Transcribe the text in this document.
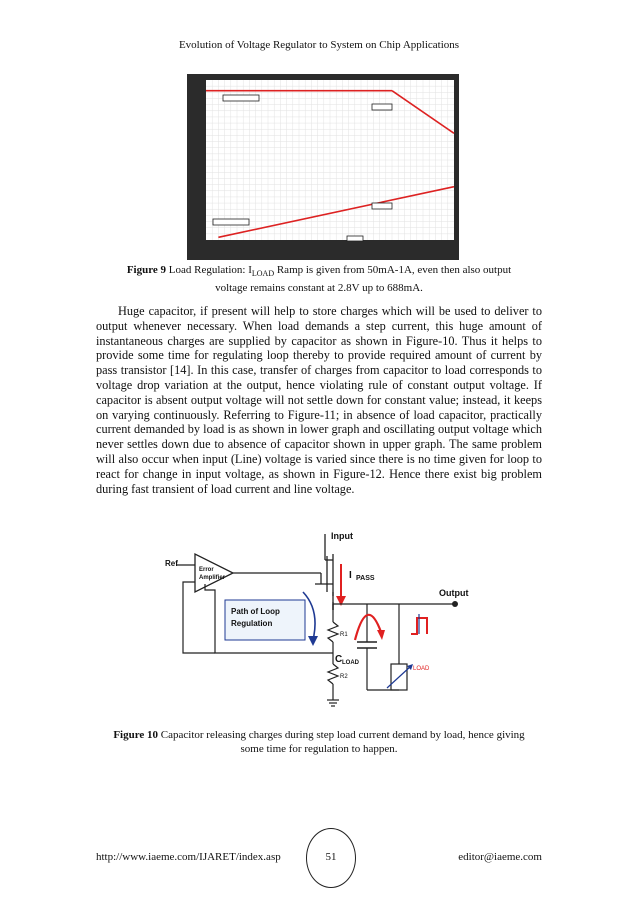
Evolution of Voltage Regulator to System on Chip Applications
Figure 9 Load Regulation: $I_{LOAD}$ Ramp is given from 50mA-1A, even then also output
voltage remains constant at 2.8V up to 688mA.

Huge capacitor, if present will help to store charges which will be used to deliver to output whenever necessary. When load demands a step current, this huge amount of instantaneous charges are supplied by capacitor as shown in Figure-10. Thus it helps to provide some time for regulating loop thereby to provide required amount of current by pass transistor [14]. In this case, transfer of charges from capacitor to load corresponds to voltage drop variation at the output, hence violating rule of constant output voltage. If capacitor is absent output voltage will not settle down for constant value; instead, it keeps on varying continuously. Referring to Figure-11; in absence of load capacitor, practically current demanded by load is as shown in lower graph and oscillating output voltage which never settles down due to absence of capacitor shown in upper graph. The same problem will also occur when input (Line) voltage is varied since there is no time given for loop to react for change in input voltage, as shown in Figure-12. Hence there exist big problem during fast transient of load current and line voltage.

Input
Ref
Error
Amplifier	I PASS
Output
R1
R2
Path of Loop
Regulation
C LOAD
LOAD
Figure 10 Capacitor releasing charges during step load current demand by load, hence giving
some time for regulation to happen.
http://www.iaeme.com/IJARET/index.asp	51	editor@iaeme.com
